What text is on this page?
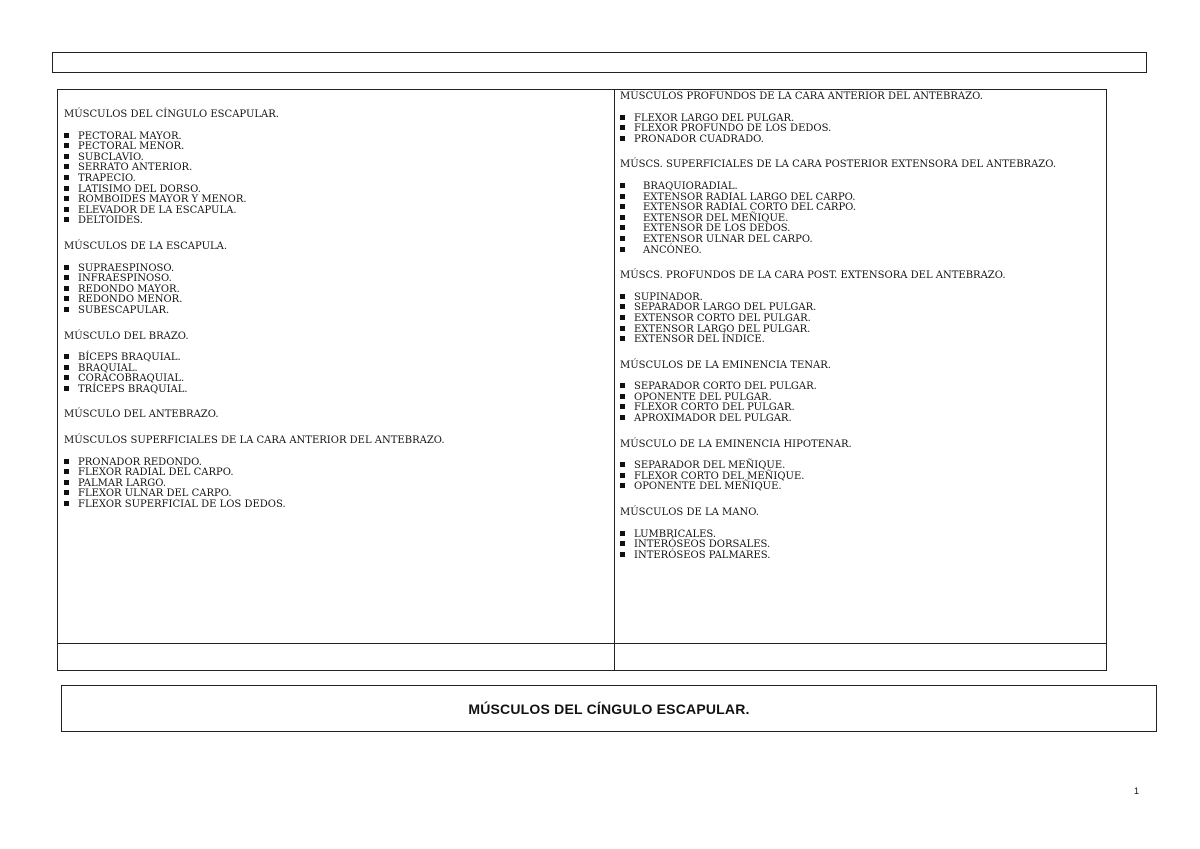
MÚSCULOS DEL CÍNGULO ESCAPULAR.

PECTORAL MAYOR.
PECTORAL MENOR.
SUBCLAVIO.
SERRATO ANTERIOR.
TRAPECIO.
LATISIMO DEL DORSO.
ROMBOIDES MAYOR Y MENOR.
ELEVADOR DE LA ESCAPULA.
DELTOIDES.

MÚSCULOS DE LA ESCAPULA.

SUPRAESPINOSO.
INFRAESPINOSO.
REDONDO MAYOR.
REDONDO MENOR.
SUBESCAPULAR.

MÚSCULO DEL BRAZO.

BÍCEPS BRAQUIAL.
BRAQUIAL.
CORACOBRAQUIAL.
TRÍCEPS BRAQUIAL.

MÚSCULO DEL ANTEBRAZO.

MÚSCULOS SUPERFICIALES DE LA CARA ANTERIOR DEL ANTEBRAZO.

PRONADOR REDONDO.
FLEXOR RADIAL DEL CARPO.
PALMAR LARGO.
FLEXOR ULNAR DEL CARPO.
FLEXOR SUPERFICIAL DE LOS DEDOS.

MÚSCULOS PROFUNDOS DE LA CARA ANTERIOR DEL ANTEBRAZO.

FLEXOR LARGO DEL PULGAR.
FLEXOR PROFUNDO DE LOS DEDOS.
PRONADOR CUADRADO.

MÚSCS. SUPERFICIALES DE LA CARA POSTERIOR EXTENSORA DEL ANTEBRAZO.

BRAQUIORADIAL.
EXTENSOR RADIAL LARGO DEL CARPO.
EXTENSOR RADIAL CORTO DEL CARPO.
EXTENSOR DEL MEÑIQUE.
EXTENSOR DE LOS DEDOS.
EXTENSOR ULNAR DEL CARPO.
ANCÓNEO.

MÚSCS. PROFUNDOS DE LA CARA POST. EXTENSORA DEL ANTEBRAZO.

SUPINADOR.
SEPARADOR LARGO DEL PULGAR.
EXTENSOR CORTO DEL PULGAR.
EXTENSOR LARGO DEL PULGAR.
EXTENSOR DEL ÍNDICE.

MÚSCULOS DE LA EMINENCIA TENAR.

SEPARADOR CORTO DEL PULGAR.
OPONENTE DEL PULGAR.
FLEXOR CORTO DEL PULGAR.
APROXIMADOR DEL PULGAR.

MÚSCULO DE LA EMINENCIA HIPOTENAR.

SEPARADOR DEL MEÑIQUE.
FLEXOR CORTO DEL MEÑIQUE.
OPONENTE DEL MEÑIQUE.

MÚSCULOS DE LA MANO.

LUMBRICALES.
INTERÓSEOS DORSALES.
INTERÓSEOS PALMARES.
MÚSCULOS DEL CÍNGULO ESCAPULAR.
1
